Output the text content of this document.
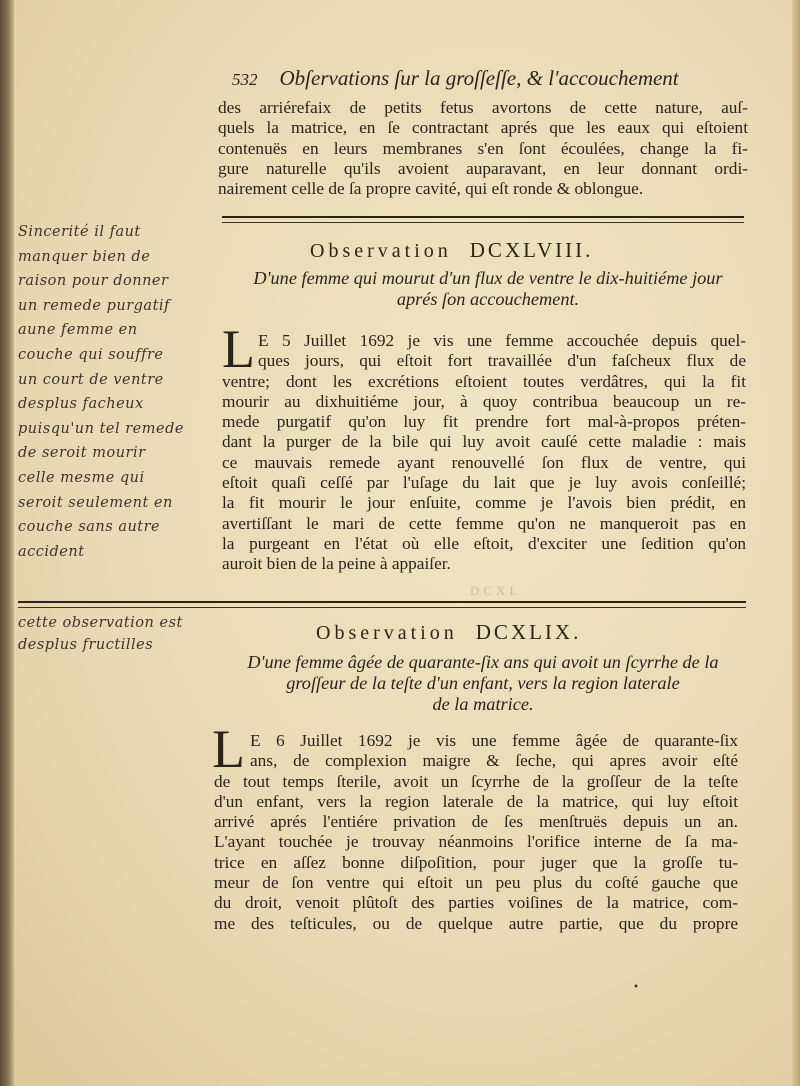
532 Obſervations ſur la groſſeſſe, & l'accouchement
des arriérefaix de petits fetus avortons de cette nature, auſ-
quels la matrice, en ſe contractant aprés que les eaux qui eſtoient
contenuës en leurs membranes s'en ſont écoulées, change la fi-
gure naturelle qu'ils avoient auparavant, en leur donnant ordi-
nairement celle de ſa propre cavité, qui eſt ronde & oblongue.
Observation DCXLVIII.
D'une femme qui mourut d'un flux de ventre le dix-huitiéme jour
aprés ſon accouchement.
L E 5 Juillet 1692 je vis une femme accouchée depuis quel-
ques jours, qui eſtoit fort travaillée d'un faſcheux flux de
ventre; dont les excrétions eſtoient toutes verdâtres, qui la fit
mourir au dixhuitiéme jour, à quoy contribua beaucoup un re-
mede purgatif qu'on luy fit prendre fort mal-à-propos préten-
dant la purger de la bile qui luy avoit cauſé cette maladie : mais
ce mauvais remede ayant renouvellé ſon flux de ventre, qui
eſtoit quaſi ceſſé par l'uſage du lait que je luy avois conſeillé;
la fit mourir le jour enſuite, comme je l'avois bien prédit, en
avertiſſant le mari de cette femme qu'on ne manqueroit pas en
la purgeant en l'état où elle eſtoit, d'exciter une ſedition qu'on
auroit bien de la peine à appaiſer.
DCXL
Observation DCXLIX.
D'une femme âgée de quarante-ſix ans qui avoit un ſcyrrhe de la
groſſeur de la teſte d'un enfant, vers la region laterale
de la matrice.
L E 6 Juillet 1692 je vis une femme âgée de quarante-ſix
ans, de complexion maigre & ſeche, qui apres avoir eſté
de tout temps ſterile, avoit un ſcyrrhe de la groſſeur de la teſte
d'un enfant, vers la region laterale de la matrice, qui luy eſtoit
arrivé aprés l'entiére privation de ſes menſtruës depuis un an.
L'ayant touchée je trouvay néanmoins l'orifice interne de ſa ma-
trice en aſſez bonne diſpoſition, pour juger que la groſſe tu-
meur de ſon ventre qui eſtoit un peu plus du coſté gauche que
du droit, venoit plûtoſt des parties voiſines de la matrice, com-
me des teſticules, ou de quelque autre partie, que du propre
Sincerité il faut
manquer bien de
raison pour donner
un remede purgatif
aune femme en
couche qui souffre
un court de ventre
desplus facheux
puisqu'un tel remede
de seroit mourir
celle mesme qui
seroit seulement en
couche sans autre
accident
cette observation est
desplus fructilles
•
